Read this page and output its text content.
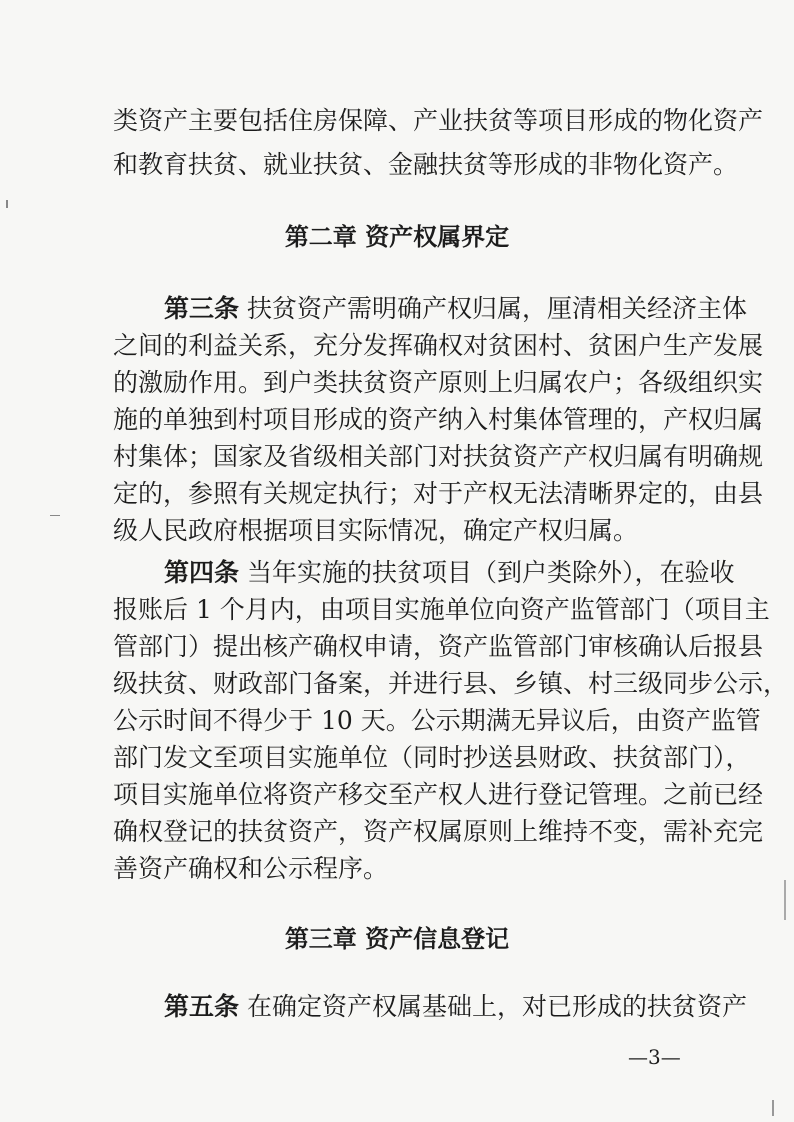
类资产主要包括住房保障、产业扶贫等项目形成的物化资产
和教育扶贫、就业扶贫、金融扶贫等形成的非物化资产。
第二章 资产权属界定
第三条 扶贫资产需明确产权归属，厘清相关经济主体
之间的利益关系，充分发挥确权对贫困村、贫困户生产发展
的激励作用。到户类扶贫资产原则上归属农户；各级组织实
施的单独到村项目形成的资产纳入村集体管理的，产权归属
村集体；国家及省级相关部门对扶贫资产产权归属有明确规
定的，参照有关规定执行；对于产权无法清晰界定的，由县
级人民政府根据项目实际情况，确定产权归属。
第四条 当年实施的扶贫项目（到户类除外），在验收
报账后 1 个月内，由项目实施单位向资产监管部门（项目主
管部门）提出核产确权申请，资产监管部门审核确认后报县
级扶贫、财政部门备案，并进行县、乡镇、村三级同步公示，
公示时间不得少于 10 天。公示期满无异议后，由资产监管
部门发文至项目实施单位（同时抄送县财政、扶贫部门），
项目实施单位将资产移交至产权人进行登记管理。之前已经
确权登记的扶贫资产，资产权属原则上维持不变，需补充完
善资产确权和公示程序。
第三章 资产信息登记
第五条 在确定资产权属基础上，对已形成的扶贫资产
—3—
